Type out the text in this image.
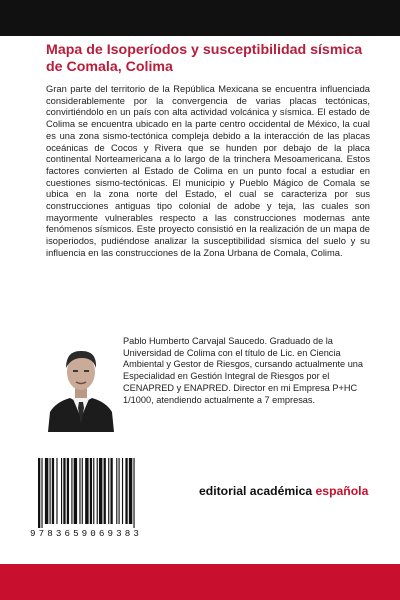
Mapa de Isoperíodos y susceptibilidad sísmica de Comala, Colima
Gran parte del territorio de la República Mexicana se encuentra influenciada considerablemente por la convergencia de varias placas tectónicas, convirtiéndolo en un país con alta actividad volcánica y sísmica. El estado de Colima se encuentra ubicado en la parte centro occidental de México, la cual es una zona sismo-tectónica compleja debido a la interacción de las placas oceánicas de Cocos y Rivera que se hunden por debajo de la placa continental Norteamericana a lo largo de la trinchera Mesoamericana. Estos factores convierten al Estado de Colima en un punto focal a estudiar en cuestiones sismo-tectónicas. El municipio y Pueblo Mágico de Comala se ubica en la zona norte del Estado, el cual se caracteriza por sus construcciones antiguas tipo colonial de adobe y teja, las cuales son mayormente vulnerables respecto a las construcciones modernas ante fenómenos sísmicos. Este proyecto consistió en la realización de un mapa de isoperiodos, pudiéndose analizar la susceptibilidad sísmica del suelo y su influencia en las construcciones de la Zona Urbana de Comala, Colima.
Pablo Humberto Carvajal Saucedo. Graduado de la Universidad de Colima con el título de Lic. en Ciencia Ambiental y Gestor de Riesgos, cursando actualmente una Especialidad en Gestión Integral de Riesgos por el CENAPRED y ENAPRED. Director en mi Empresa P+HC 1/1000, atendiendo actualmente a 7 empresas.
9783659069383
editorial académica española
